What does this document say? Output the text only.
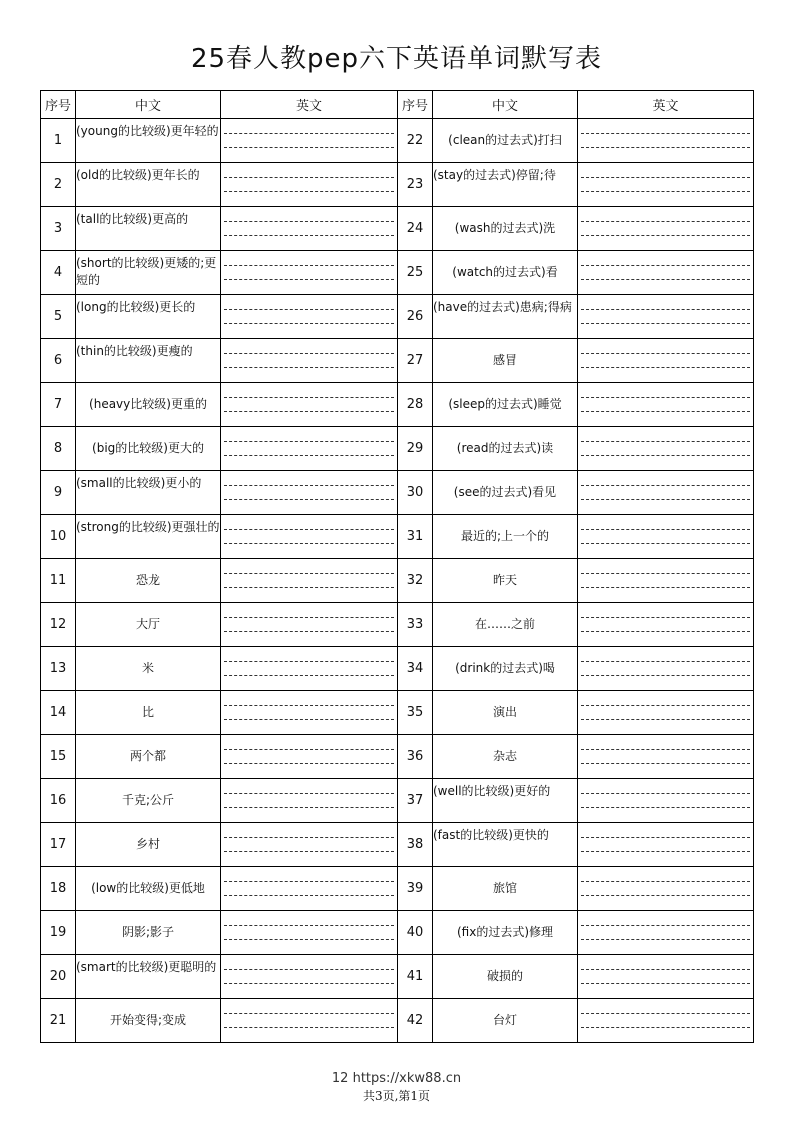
25春人教pep六下英语单词默写表
序号	中文	英文	序号	中文	英文
1	(young的比较级)更年轻的		22	(clean的过去式)打扫	

2	(old的比较级)更年长的		23	(stay的过去式)停留;待	

3	(tall的比较级)更高的		24	(wash的过去式)洗	

4	(short的比较级)更矮的;更短的		25	(watch的过去式)看	

5	(long的比较级)更长的		26	(have的过去式)患病;得病	

6	(thin的比较级)更瘦的		27	感冒	

7	(heavy比较级)更重的		28	(sleep的过去式)睡觉	

8	(big的比较级)更大的		29	(read的过去式)读	

9	(small的比较级)更小的		30	(see的过去式)看见	

10	(strong的比较级)更强壮的		31	最近的;上一个的	

11	恐龙		32	昨天	

12	大厅		33	在……之前	

13	米		34	(drink的过去式)喝	

14	比		35	演出	

15	两个都		36	杂志	

16	千克;公斤		37	(well的比较级)更好的	

17	乡村		38	(fast的比较级)更快的	

18	(low的比较级)更低地		39	旅馆	

19	阴影;影子		40	(fix的过去式)修理	

20	(smart的比较级)更聪明的		41	破损的	

21	开始变得;变成		42	台灯	
12 https://xkw88.cn
共3页,第1页
